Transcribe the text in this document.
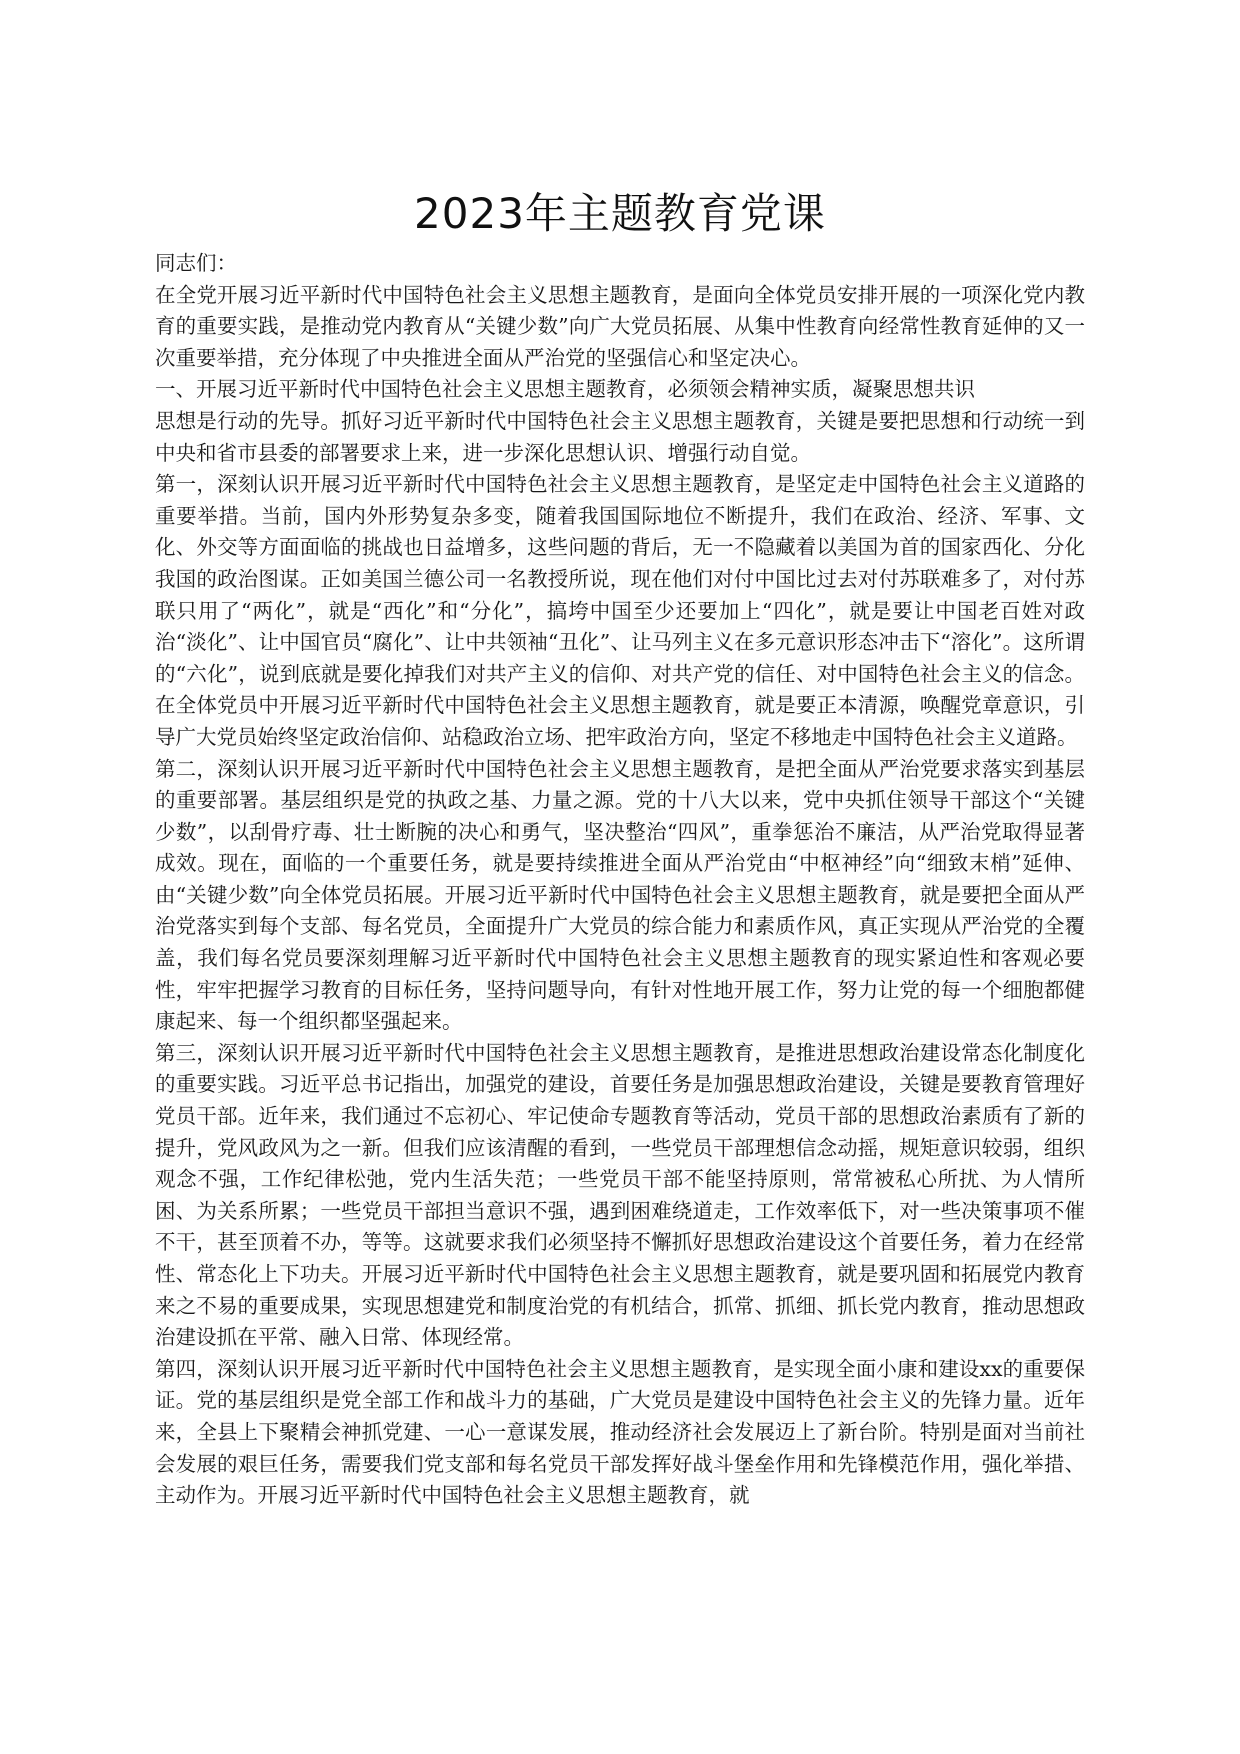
2023年主题教育党课

同志们：

在全党开展习近平新时代中国特色社会主义思想主题教育，是面向全体党员安排开展的一项深化党内教育的重要实践，是推动党内教育从“关键少数”向广大党员拓展、从集中性教育向经常性教育延伸的又一次重要举措，充分体现了中央推进全面从严治党的坚强信心和坚定决心。

一、开展习近平新时代中国特色社会主义思想主题教育，必须领会精神实质，凝聚思想共识

思想是行动的先导。抓好习近平新时代中国特色社会主义思想主题教育，关键是要把思想和行动统一到中央和省市县委的部署要求上来，进一步深化思想认识、增强行动自觉。

第一，深刻认识开展习近平新时代中国特色社会主义思想主题教育，是坚定走中国特色社会主义道路的重要举措。当前，国内外形势复杂多变，随着我国国际地位不断提升，我们在政治、经济、军事、文化、外交等方面面临的挑战也日益增多，这些问题的背后，无一不隐藏着以美国为首的国家西化、分化我国的政治图谋。正如美国兰德公司一名教授所说，现在他们对付中国比过去对付苏联难多了，对付苏联只用了“两化”，就是“西化”和“分化”，搞垮中国至少还要加上“四化”，就是要让中国老百姓对政治“淡化”、让中国官员“腐化”、让中共领袖“丑化”、让马列主义在多元意识形态冲击下“溶化”。这所谓的“六化”，说到底就是要化掉我们对共产主义的信仰、对共产党的信任、对中国特色社会主义的信念。在全体党员中开展习近平新时代中国特色社会主义思想主题教育，就是要正本清源，唤醒党章意识，引导广大党员始终坚定政治信仰、站稳政治立场、把牢政治方向，坚定不移地走中国特色社会主义道路。

第二，深刻认识开展习近平新时代中国特色社会主义思想主题教育，是把全面从严治党要求落实到基层的重要部署。基层组织是党的执政之基、力量之源。党的十八大以来，党中央抓住领导干部这个“关键少数”，以刮骨疗毒、壮士断腕的决心和勇气，坚决整治“四风”，重拳惩治不廉洁，从严治党取得显著成效。现在，面临的一个重要任务，就是要持续推进全面从严治党由“中枢神经”向“细致末梢”延伸、由“关键少数”向全体党员拓展。开展习近平新时代中国特色社会主义思想主题教育，就是要把全面从严治党落实到每个支部、每名党员，全面提升广大党员的综合能力和素质作风，真正实现从严治党的全覆盖，我们每名党员要深刻理解习近平新时代中国特色社会主义思想主题教育的现实紧迫性和客观必要性，牢牢把握学习教育的目标任务，坚持问题导向，有针对性地开展工作，努力让党的每一个细胞都健康起来、每一个组织都坚强起来。

第三，深刻认识开展习近平新时代中国特色社会主义思想主题教育，是推进思想政治建设常态化制度化的重要实践。习近平总书记指出，加强党的建设，首要任务是加强思想政治建设，关键是要教育管理好党员干部。近年来，我们通过不忘初心、牢记使命专题教育等活动，党员干部的思想政治素质有了新的提升，党风政风为之一新。但我们应该清醒的看到，一些党员干部理想信念动摇，规矩意识较弱，组织观念不强，工作纪律松弛，党内生活失范；一些党员干部不能坚持原则，常常被私心所扰、为人情所困、为关系所累；一些党员干部担当意识不强，遇到困难绕道走，工作效率低下，对一些决策事项不催不干，甚至顶着不办，等等。这就要求我们必须坚持不懈抓好思想政治建设这个首要任务，着力在经常性、常态化上下功夫。开展习近平新时代中国特色社会主义思想主题教育，就是要巩固和拓展党内教育来之不易的重要成果，实现思想建党和制度治党的有机结合，抓常、抓细、抓长党内教育，推动思想政治建设抓在平常、融入日常、体现经常。

第四，深刻认识开展习近平新时代中国特色社会主义思想主题教育，是实现全面小康和建设xx的重要保证。党的基层组织是党全部工作和战斗力的基础，广大党员是建设中国特色社会主义的先锋力量。近年来，全县上下聚精会神抓党建、一心一意谋发展，推动经济社会发展迈上了新台阶。特别是面对当前社会发展的艰巨任务，需要我们党支部和每名党员干部发挥好战斗堡垒作用和先锋模范作用，强化举措、主动作为。开展习近平新时代中国特色社会主义思想主题教育，就
